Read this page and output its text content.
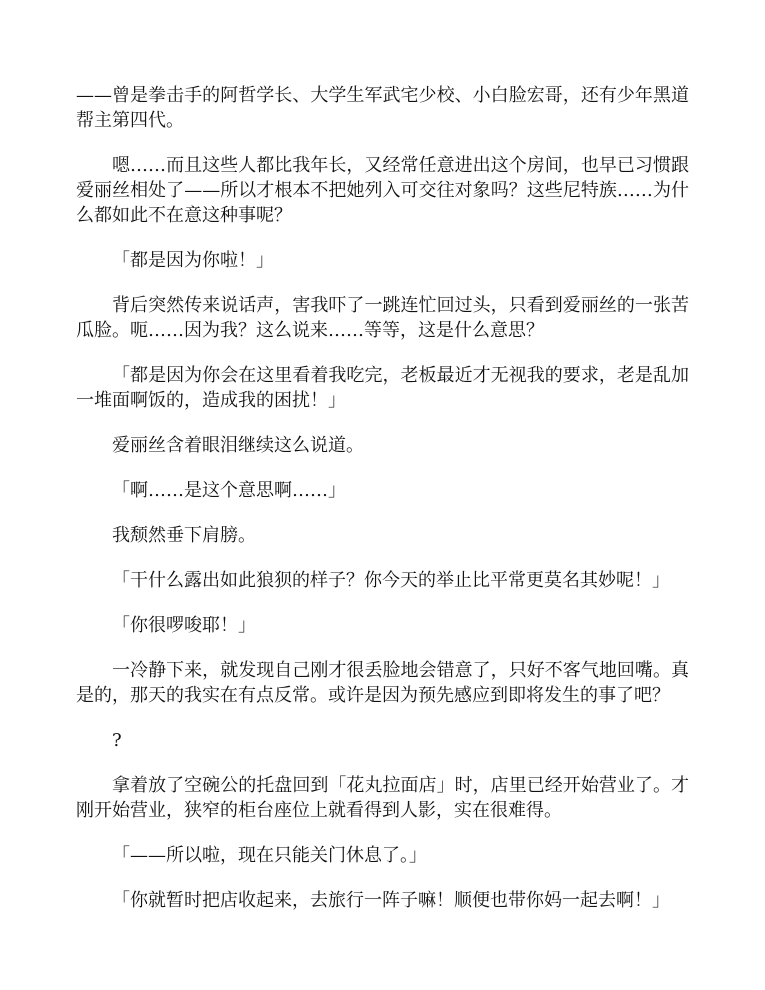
——曾是拳击手的阿哲学长、大学生军武宅少校、小白脸宏哥，还有少年黑道帮主第四代。

嗯……而且这些人都比我年长，又经常任意进出这个房间，也早已习惯跟爱丽丝相处了——所以才根本不把她列入可交往对象吗？这些尼特族……为什么都如此不在意这种事呢？

「都是因为你啦！」

背后突然传来说话声，害我吓了一跳连忙回过头，只看到爱丽丝的一张苦瓜脸。呃……因为我？这么说来……等等，这是什么意思？

「都是因为你会在这里看着我吃完，老板最近才无视我的要求，老是乱加一堆面啊饭的，造成我的困扰！」

爱丽丝含着眼泪继续这么说道。

「啊……是这个意思啊……」

我颓然垂下肩膀。

「干什么露出如此狼狈的样子？你今天的举止比平常更莫名其妙呢！」

「你很啰唆耶！」

一冷静下来，就发现自己刚才很丢脸地会错意了，只好不客气地回嘴。真是的，那天的我实在有点反常。或许是因为预先感应到即将发生的事了吧？

?

拿着放了空碗公的托盘回到「花丸拉面店」时，店里已经开始营业了。才刚开始营业，狭窄的柜台座位上就看得到人影，实在很难得。

「——所以啦，现在只能关门休息了。」

「你就暂时把店收起来，去旅行一阵子嘛！顺便也带你妈一起去啊！」
